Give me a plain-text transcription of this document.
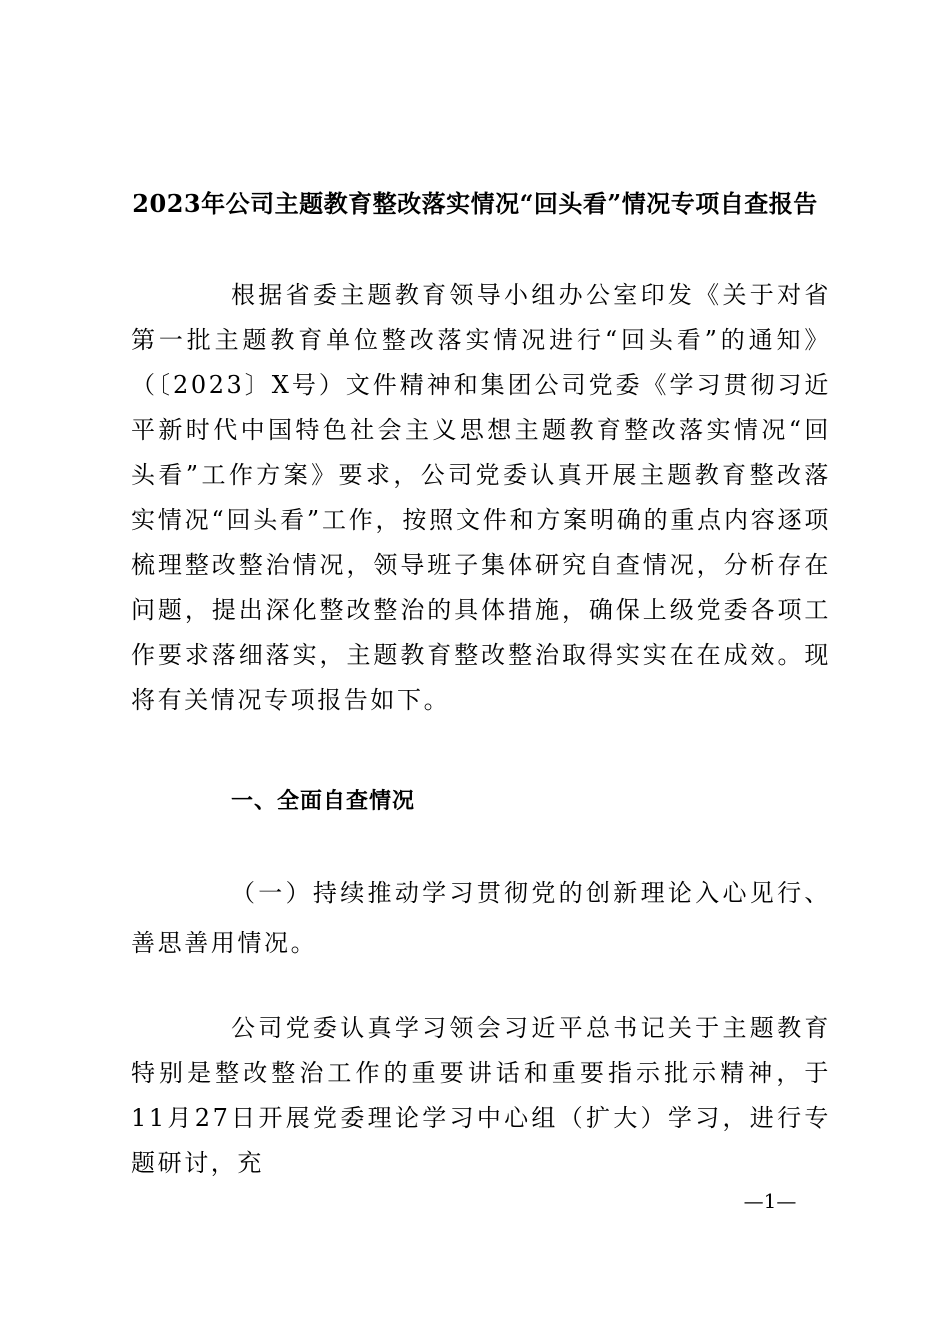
2023年公司主题教育整改落实情况“回头看”情况专项自查报告
根据省委主题教育领导小组办公室印发《关于对省第一批主题教育单位整改落实情况进行“回头看”的通知》（〔2023〕X号）文件精神和集团公司党委《学习贯彻习近平新时代中国特色社会主义思想主题教育整改落实情况“回头看”工作方案》要求，公司党委认真开展主题教育整改落实情况“回头看”工作，按照文件和方案明确的重点内容逐项梳理整改整治情况，领导班子集体研究自查情况，分析存在问题，提出深化整改整治的具体措施，确保上级党委各项工作要求落细落实，主题教育整改整治取得实实在在成效。现将有关情况专项报告如下。
一、全面自查情况
（一）持续推动学习贯彻党的创新理论入心见行、善思善用情况。
公司党委认真学习领会习近平总书记关于主题教育特别是整改整治工作的重要讲话和重要指示批示精神，于11月27日开展党委理论学习中心组（扩大）学习，进行专题研讨，充
—1—
